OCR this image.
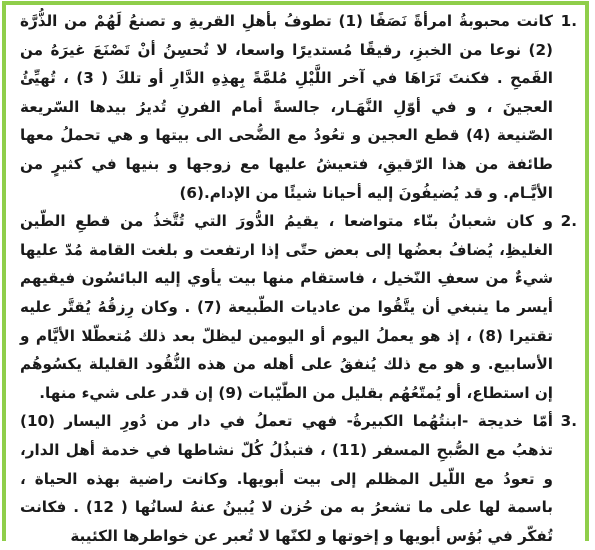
1.
كانت محبوبةُ امرأةً نَصَفًا (1) تطوفُ بأهلِ القريةِ و تصنعُ لَهُمْ من الذُّرَّة (2) نوعا من الخبزِ، رقيقًا مُستديرًا واسعا، لا تُحسِنُ أنْ تَصْنَعَ غيرَهُ من القَمحِ . فكنتَ تَرَاهَا في آخر اللَّيْلِ مُلمَّةً بِهذِهِ الدَّارِ أو تلكَ ( 3) ، تُهيِّئُ العجينَ ، و في أوّلِ النَّهَـار، جالسةً أمام الفرنِ تُديرُ بيدها السّريعة الصّنيعة (4) قطع العجين و تعُودُ مع الضُّحى الى بيتها و هي تحملُ معها طائفة من هذا الرّقيقِ، فتعيشُ عليها مع زوجها و بنيها في كثيرٍ من الأيَّـام. و قد يُضيفُونَ إليه أحيانا شيئًا من الإدام.(6)
2.
و كان شعبانُ بنّاء متواضعا ، يقيمُ الدُّورَ التي تُتَّخذُ من قطعِ الطّين الغليظِ، يُضافُ بعضُها إلى بعض حتّى إذا ارتفعت و بلغت القامة مُدّ عليها شيءٌ من سعفِ النّخيل ، فاستقام منها بيت يأوي إليه البائسُون فيقيهم أيسر ما ينبغي أن يتَّقُوا من عاديات الطّبيعة (7) . وكان رِزقُهُ يُقتَّر عليه تقتيرا (8) ، إذ هو يعملُ اليوم أو اليومين ليظلّ بعد ذلك مُتعطّلا الأيَّام و الأسابيع. و هو مع ذلك يُنفقُ على أهله من هذه النُّقُود القليلة يكسُوهُم إن استطاع، أو يُمتّعُهُم بقليل من الطّيّبات (9) إن قدر على شيء منها.
3.
أمّا خديجة -ابنتُهُما الكبيرةُ- فهي تعملُ في دار من دُورِ اليسار (10) تذهبُ مع الصُّبحِ المسفر (11) ، فتبذُلُ كُلّ نشاطها في خدمة أهل الدار، و تعودُ مع اللّيل المظلم إلى بيت أبويها. وكانت راضية بهذه الحياة ، باسمة لها على ما تشعرُ به من حُزن لا يُبينُ عنهُ لسانُها ( 12) . فكانت تُفكّر في بُؤس أبويها و إخوتها و لكنّها لا تُعبر عن خواطرها الكئيبة
